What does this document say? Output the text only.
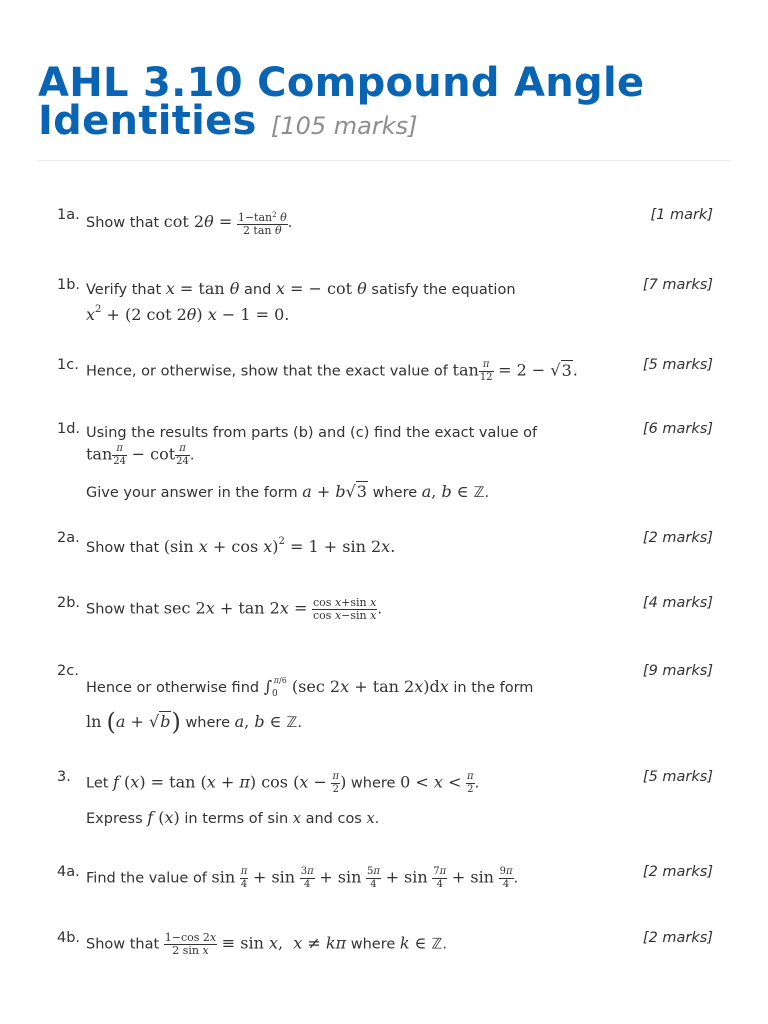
AHL 3.10 Compound Angle Identities [105 marks]
1a. Show that $\cot 2\theta = \frac{1-\tan^2 \theta}{\text{2 tan θ}}$ .	[1 mark]
1b. Verify that x = tan θ and x = − cot θ satisfy the equation
$x^2 + (2$ cot 2θ) x − 1 = 0.
[7 marks]
1c. Hence, or otherwise, show that the exact value of $\tan \frac{\pi}{12} = 2 - √3$.	[5 marks]
1d. Using the results from parts (b) and (c) find the exact value of
$\tan \frac{\pi}{24} - \cot \frac{\pi}{24}$ .
Give your answer in the form a + b√3 where a, b ∈ ℤ.
[6 marks]
2a.
Show that (sin x + cos x)$^2$ = 1 + sin 2x.	[2 marks]
2b. Show that $\sec 2x + \tan 2x = \frac{\text{cos x+sin x}}{\text{cos x−sin x}}$ .	[4 marks]
2c.
Hence or otherwise find $\int_0^{\pi/6}$ (sec 2x + tan 2x)dx in the form
ln (a + √b) where a, b ∈ ℤ.
[9 marks]
3. Let f (x) = tan (x + π) $\cos (x - \frac{\pi}{2}$ ) where $0 < x < \frac{\pi}{2}$ .
Express f (x) in terms of sin x and cos x.
[5 marks]
4a. Find the value of $\sin \frac{\pi}{4} + \sin \frac{3\pi}{4} + \sin \frac{5\pi}{4} + \sin \frac{7\pi}{4} + \sin \frac{9\pi}{4}$ .	[2 marks]
4b. Show that $\frac{1-\cos 2x}{\text{2 sin x}} \equiv \sin x$,  x ≠ kπ where k ∈ ℤ.	[2 marks]
